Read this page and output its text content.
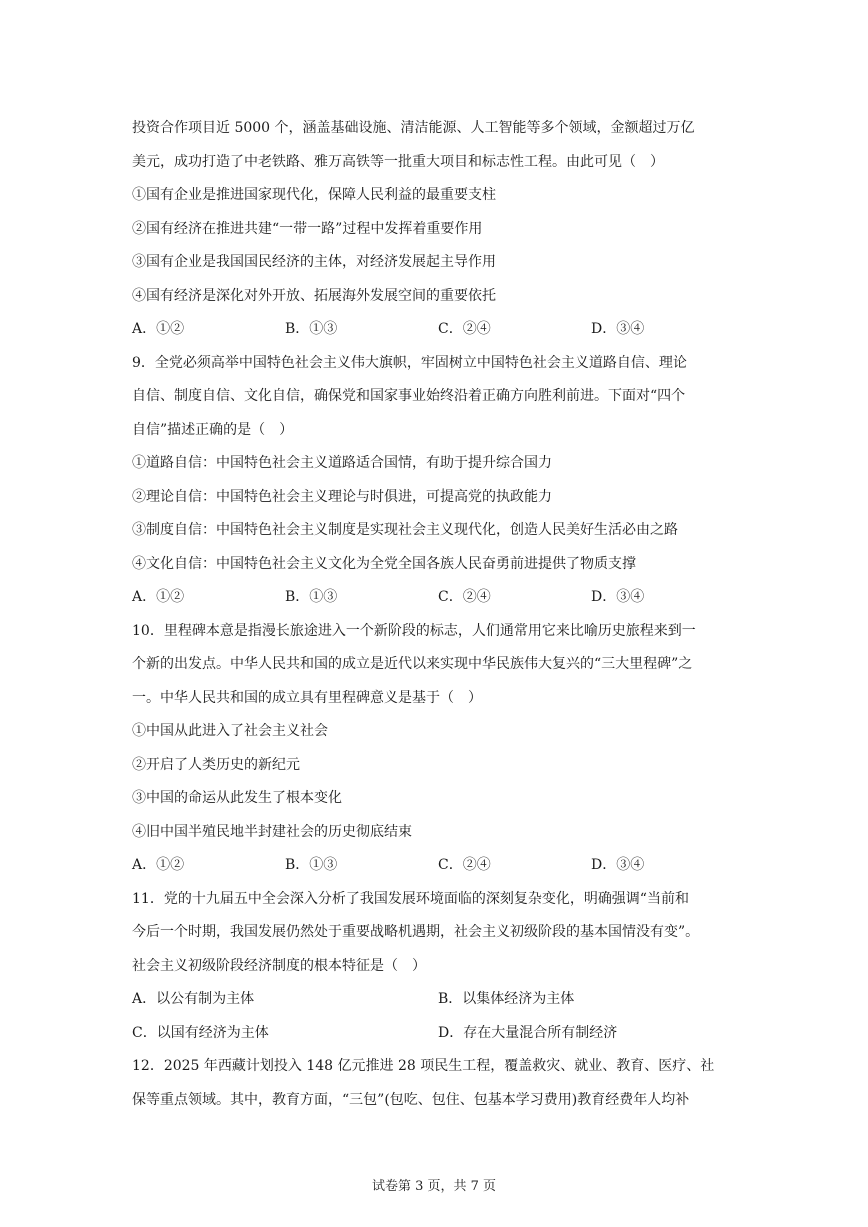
投资合作项目近 5000 个，涵盖基础设施、清洁能源、人工智能等多个领域，金额超过万亿
美元，成功打造了中老铁路、雅万高铁等一批重大项目和标志性工程。由此可见（　）
①国有企业是推进国家现代化，保障人民利益的最重要支柱
②国有经济在推进共建“一带一路”过程中发挥着重要作用
③国有企业是我国国民经济的主体，对经济发展起主导作用
④国有经济是深化对外开放、拓展海外发展空间的重要依托
A．①②	B．①③	C．②④	D．③④
9．全党必须高举中国特色社会主义伟大旗帜，牢固树立中国特色社会主义道路自信、理论
自信、制度自信、文化自信，确保党和国家事业始终沿着正确方向胜利前进。下面对“四个
自信”描述正确的是（　）
①道路自信：中国特色社会主义道路适合国情，有助于提升综合国力
②理论自信：中国特色社会主义理论与时俱进，可提高党的执政能力
③制度自信：中国特色社会主义制度是实现社会主义现代化，创造人民美好生活必由之路
④文化自信：中国特色社会主义文化为全党全国各族人民奋勇前进提供了物质支撑
A．①②	B．①③	C．②④	D．③④
10．里程碑本意是指漫长旅途进入一个新阶段的标志，人们通常用它来比喻历史旅程来到一
个新的出发点。中华人民共和国的成立是近代以来实现中华民族伟大复兴的“三大里程碑”之
一。中华人民共和国的成立具有里程碑意义是基于（　）
①中国从此进入了社会主义社会
②开启了人类历史的新纪元
③中国的命运从此发生了根本变化
④旧中国半殖民地半封建社会的历史彻底结束
A．①②	B．①③	C．②④	D．③④
11．党的十九届五中全会深入分析了我国发展环境面临的深刻复杂变化，明确强调“当前和
今后一个时期，我国发展仍然处于重要战略机遇期，社会主义初级阶段的基本国情没有变”。
社会主义初级阶段经济制度的根本特征是（　）
A．以公有制为主体	B．以集体经济为主体
C．以国有经济为主体	D．存在大量混合所有制经济
12．2025 年西藏计划投入 148 亿元推进 28 项民生工程，覆盖救灾、就业、教育、医疗、社
保等重点领域。其中，教育方面，“三包”(包吃、包住、包基本学习费用)教育经费年人均补
试卷第 3 页，共 7 页
